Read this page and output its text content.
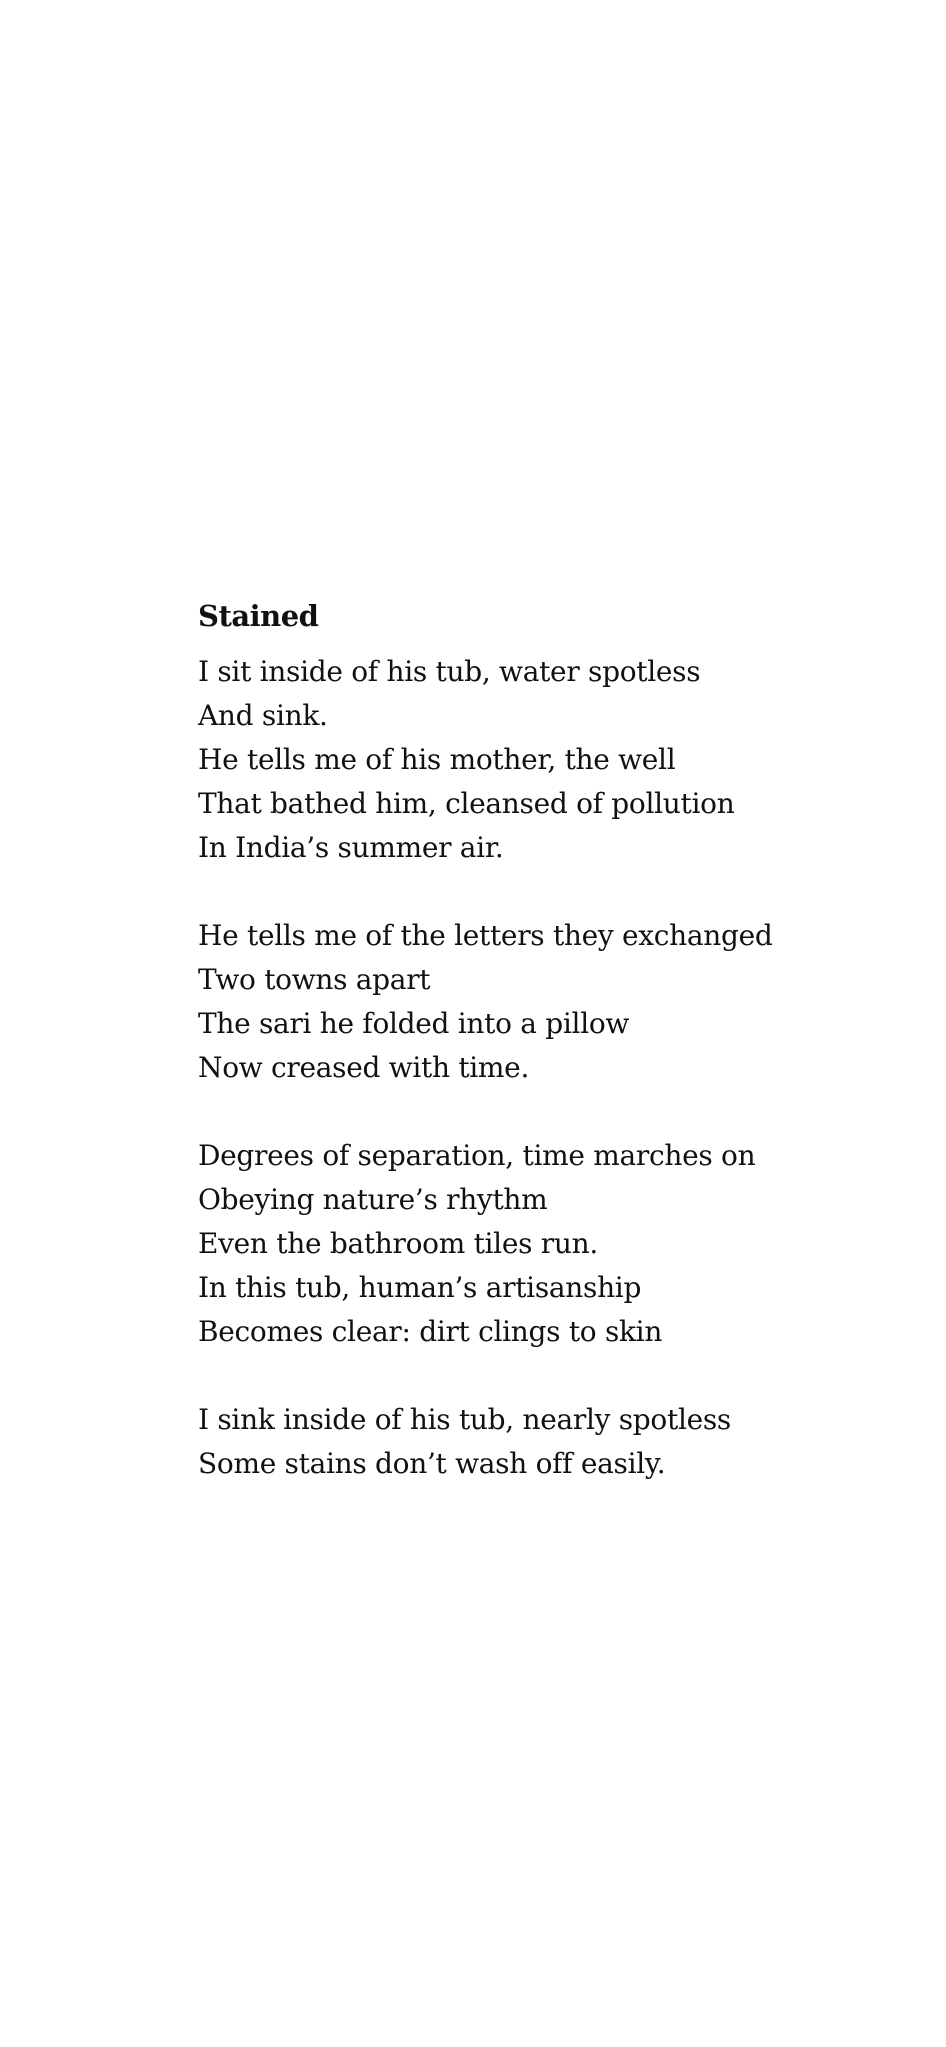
Stained
I sit inside of his tub, water spotless
And sink.
He tells me of his mother, the well
That bathed him, cleansed of pollution
In India’s summer air.
He tells me of the letters they exchanged
Two towns apart
The sari he folded into a pillow
Now creased with time.
Degrees of separation, time marches on
Obeying nature’s rhythm
Even the bathroom tiles run.
In this tub, human’s artisanship
Becomes clear: dirt clings to skin
I sink inside of his tub, nearly spotless
Some stains don’t wash off easily.
